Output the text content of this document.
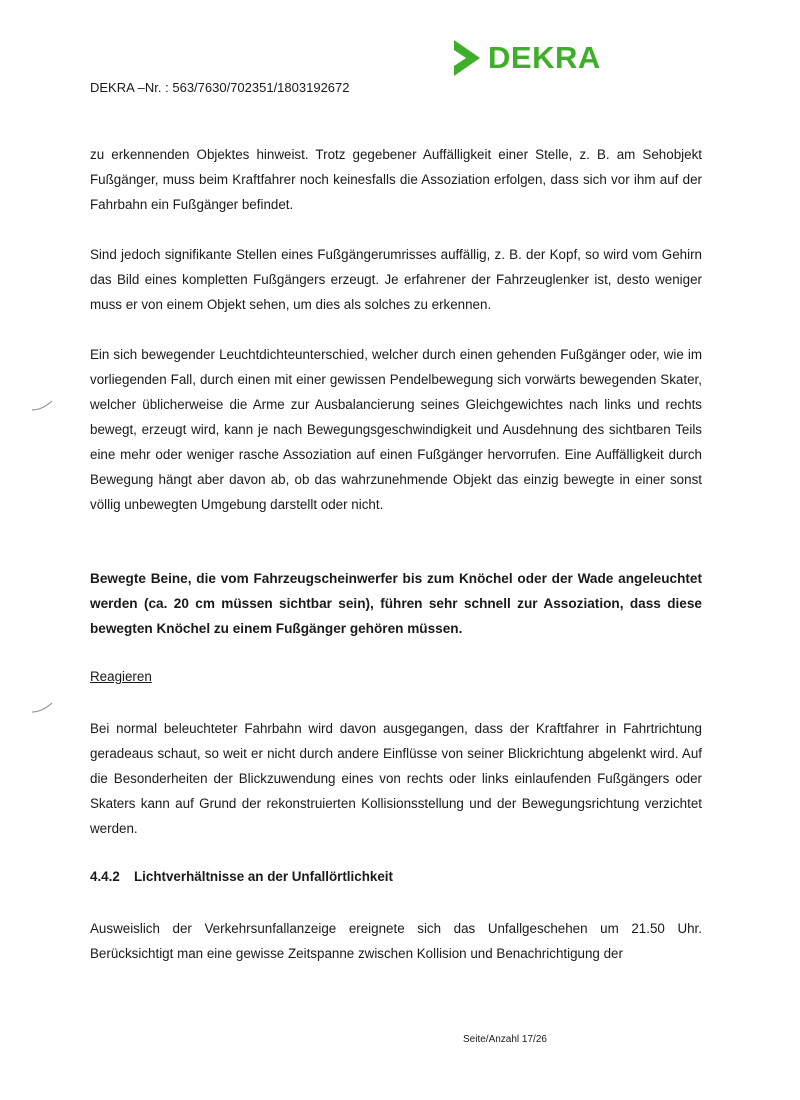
DEKRA
DEKRA –Nr. : 563/7630/702351/1803192672

zu erkennenden Objektes hinweist. Trotz gegebener Auffälligkeit einer Stelle, z. B. am Sehobjekt Fußgänger, muss beim Kraftfahrer noch keinesfalls die Assoziation erfolgen, dass sich vor ihm auf der Fahrbahn ein Fußgänger befindet.

Sind jedoch signifikante Stellen eines Fußgängerumrisses auffällig, z. B. der Kopf, so wird vom Gehirn das Bild eines kompletten Fußgängers erzeugt. Je erfahrener der Fahrzeuglenker ist, desto weniger muss er von einem Objekt sehen, um dies als solches zu erkennen.

Ein sich bewegender Leuchtdichteunterschied, welcher durch einen gehenden Fußgänger oder, wie im vorliegenden Fall, durch einen mit einer gewissen Pendelbewegung sich vorwärts bewegenden Skater, welcher üblicherweise die Arme zur Ausbalancierung seines Gleichgewichtes nach links und rechts bewegt, erzeugt wird, kann je nach Bewegungsgeschwindigkeit und Ausdehnung des sichtbaren Teils eine mehr oder weniger rasche Assoziation auf einen Fußgänger hervorrufen. Eine Auffälligkeit durch Bewegung hängt aber davon ab, ob das wahrzunehmende Objekt das einzig bewegte in einer sonst völlig unbewegten Umgebung darstellt oder nicht.

Bewegte Beine, die vom Fahrzeugscheinwerfer bis zum Knöchel oder der Wade angeleuchtet werden (ca. 20 cm müssen sichtbar sein), führen sehr schnell zur Assoziation, dass diese bewegten Knöchel zu einem Fußgänger gehören müssen.

Reagieren

Bei normal beleuchteter Fahrbahn wird davon ausgegangen, dass der Kraftfahrer in Fahrtrichtung geradeaus schaut, so weit er nicht durch andere Einflüsse von seiner Blickrichtung abgelenkt wird. Auf die Besonderheiten der Blickzuwendung eines von rechts oder links einlaufenden Fußgängers oder Skaters kann auf Grund der rekonstruierten Kollisionsstellung und der Bewegungsrichtung verzichtet werden.

4.4.2 Lichtverhältnisse an der Unfallörtlichkeit

Ausweislich der Verkehrsunfallanzeige ereignete sich das Unfallgeschehen um 21.50 Uhr. Berücksichtigt man eine gewisse Zeitspanne zwischen Kollision und Benachrichtigung der

Seite/Anzahl 17/26
